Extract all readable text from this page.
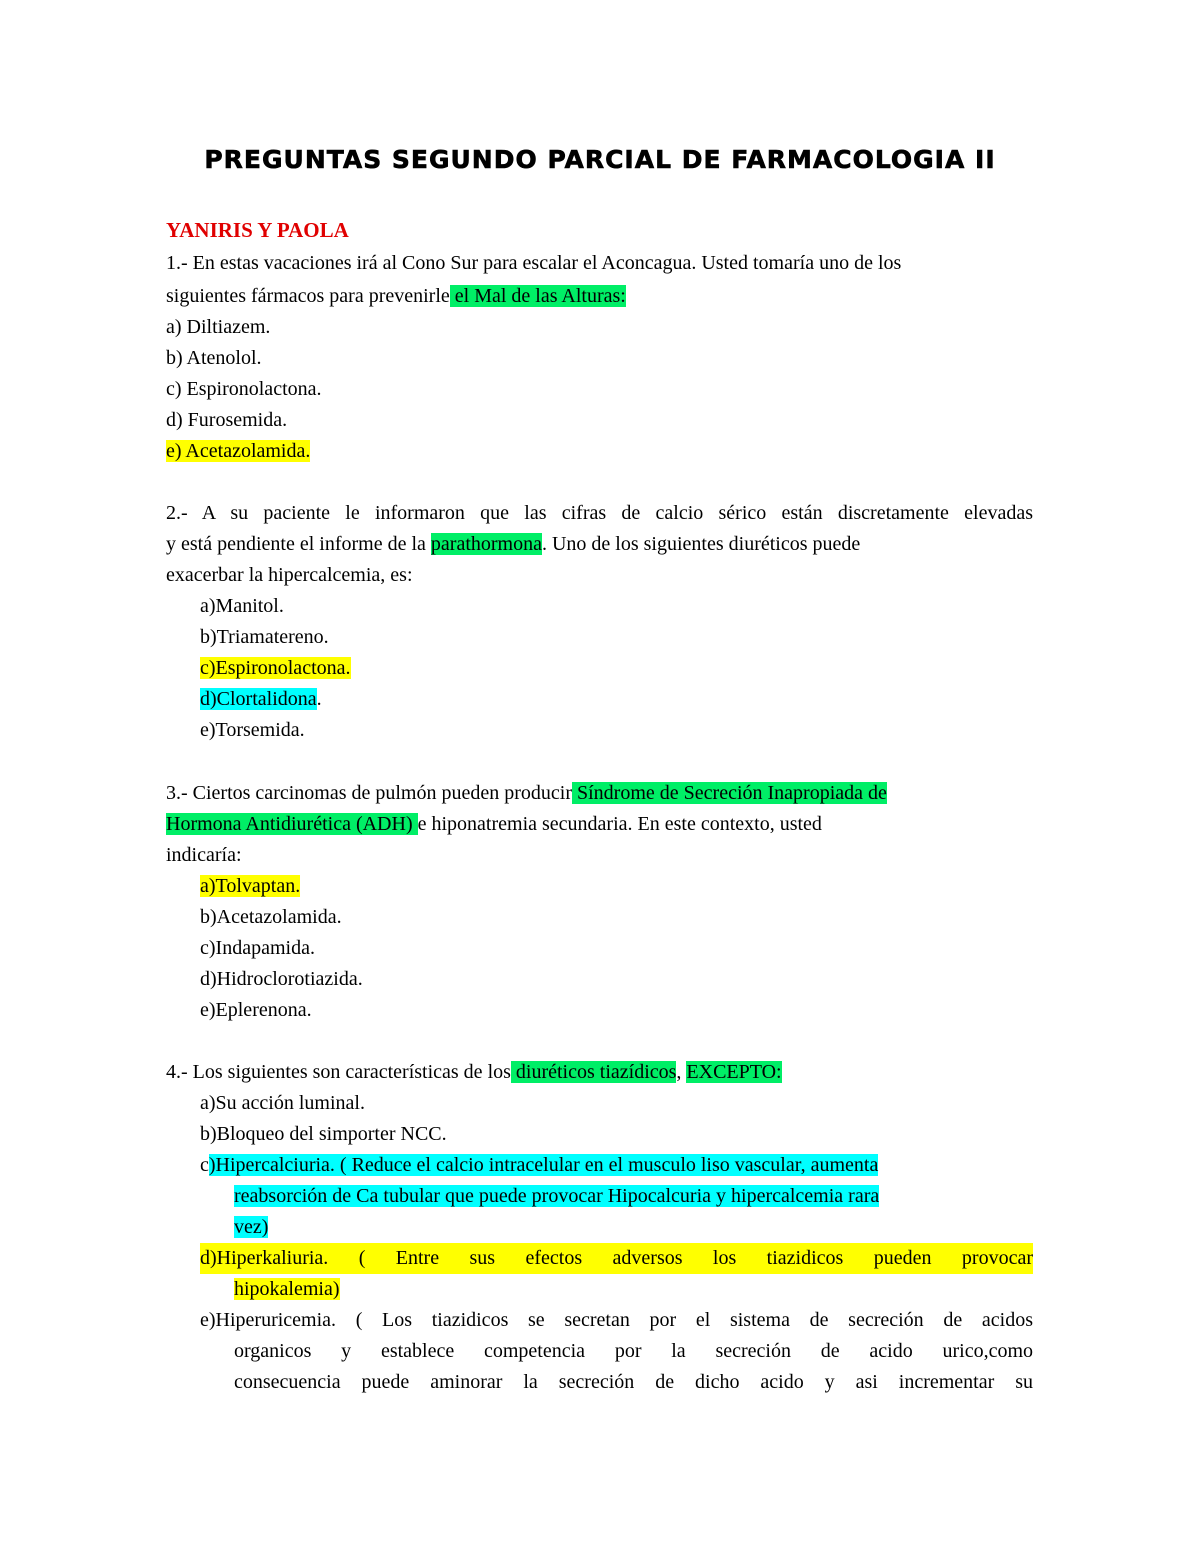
PREGUNTAS SEGUNDO PARCIAL DE FARMACOLOGIA II
YANIRIS Y PAOLA
1.- En estas vacaciones irá al Cono Sur para escalar el Aconcagua. Usted tomaría uno de los
siguientes fármacos para prevenirle el Mal de las Alturas:
a) Diltiazem.
b) Atenolol.
c) Espironolactona.
d) Furosemida.
e) Acetazolamida.
2.- A su paciente le informaron que las cifras de calcio sérico están discretamente elevadas
y está pendiente el informe de la parathormona. Uno de los siguientes diuréticos puede
exacerbar la hipercalcemia, es:
a)Manitol.
b)Triamatereno.
c)Espironolactona.
d)Clortalidona.
e)Torsemida.
3.- Ciertos carcinomas de pulmón pueden producir Síndrome de Secreción Inapropiada de
Hormona Antidiurética (ADH) e hiponatremia secundaria. En este contexto, usted
indicaría:
a)Tolvaptan.
b)Acetazolamida.
c)Indapamida.
d)Hidroclorotiazida.
e)Eplerenona.
4.- Los siguientes son características de los diuréticos tiazídicos, EXCEPTO:
a)Su acción luminal.
b)Bloqueo del simporter NCC.
c)Hipercalciuria. ( Reduce el calcio intracelular en el musculo liso vascular, aumenta
reabsorción de Ca tubular que puede provocar Hipocalcuria y hipercalcemia rara
vez)
d)Hiperkaliuria. ( Entre sus efectos adversos los tiazidicos pueden provocar
hipokalemia)
e)Hiperuricemia. ( Los tiazidicos se secretan por el sistema de secreción de acidos
organicos y establece competencia por la secreción de acido urico,como
consecuencia puede aminorar la secreción de dicho acido y asi incrementar su
